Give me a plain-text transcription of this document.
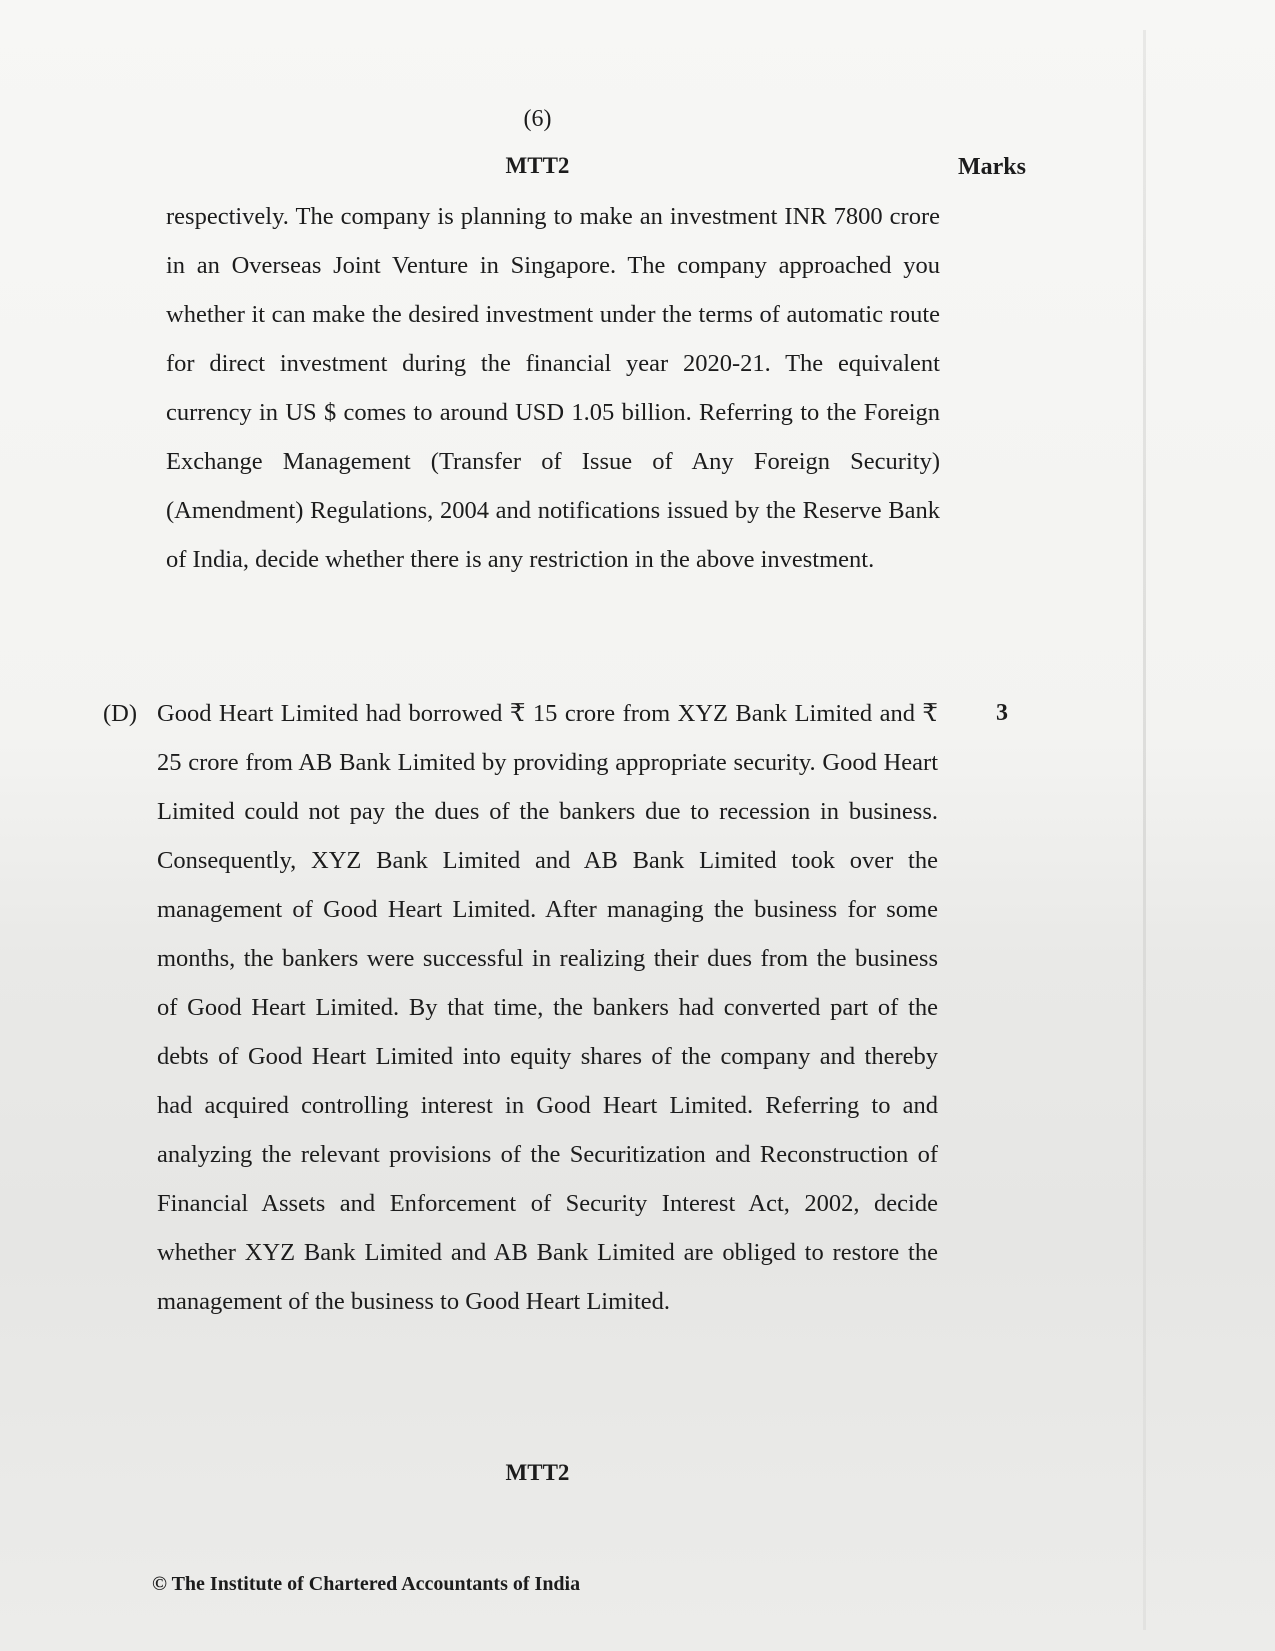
(6)
MTT2	Marks
respectively. The company is planning to make an investment INR 7800 crore in an Overseas Joint Venture in Singapore. The company approached you whether it can make the desired investment under the terms of automatic route for direct investment during the financial year 2020-21. The equivalent currency in US $ comes to around USD 1.05 billion. Referring to the Foreign Exchange Management (Transfer of Issue of Any Foreign Security) (Amendment) Regulations, 2004 and notifications issued by the Reserve Bank of India, decide whether there is any restriction in the above investment.
(D) Good Heart Limited had borrowed ₹ 15 crore from XYZ Bank Limited and ₹ 25 crore from AB Bank Limited by providing appropriate security. Good Heart Limited could not pay the dues of the bankers due to recession in business. Consequently, XYZ Bank Limited and AB Bank Limited took over the management of Good Heart Limited. After managing the business for some months, the bankers were successful in realizing their dues from the business of Good Heart Limited. By that time, the bankers had converted part of the debts of Good Heart Limited into equity shares of the company and thereby had acquired controlling interest in Good Heart Limited. Referring to and analyzing the relevant provisions of the Securitization and Reconstruction of Financial Assets and Enforcement of Security Interest Act, 2002, decide whether XYZ Bank Limited and AB Bank Limited are obliged to restore the management of the business to Good Heart Limited.
3
MTT2
© The Institute of Chartered Accountants of India
